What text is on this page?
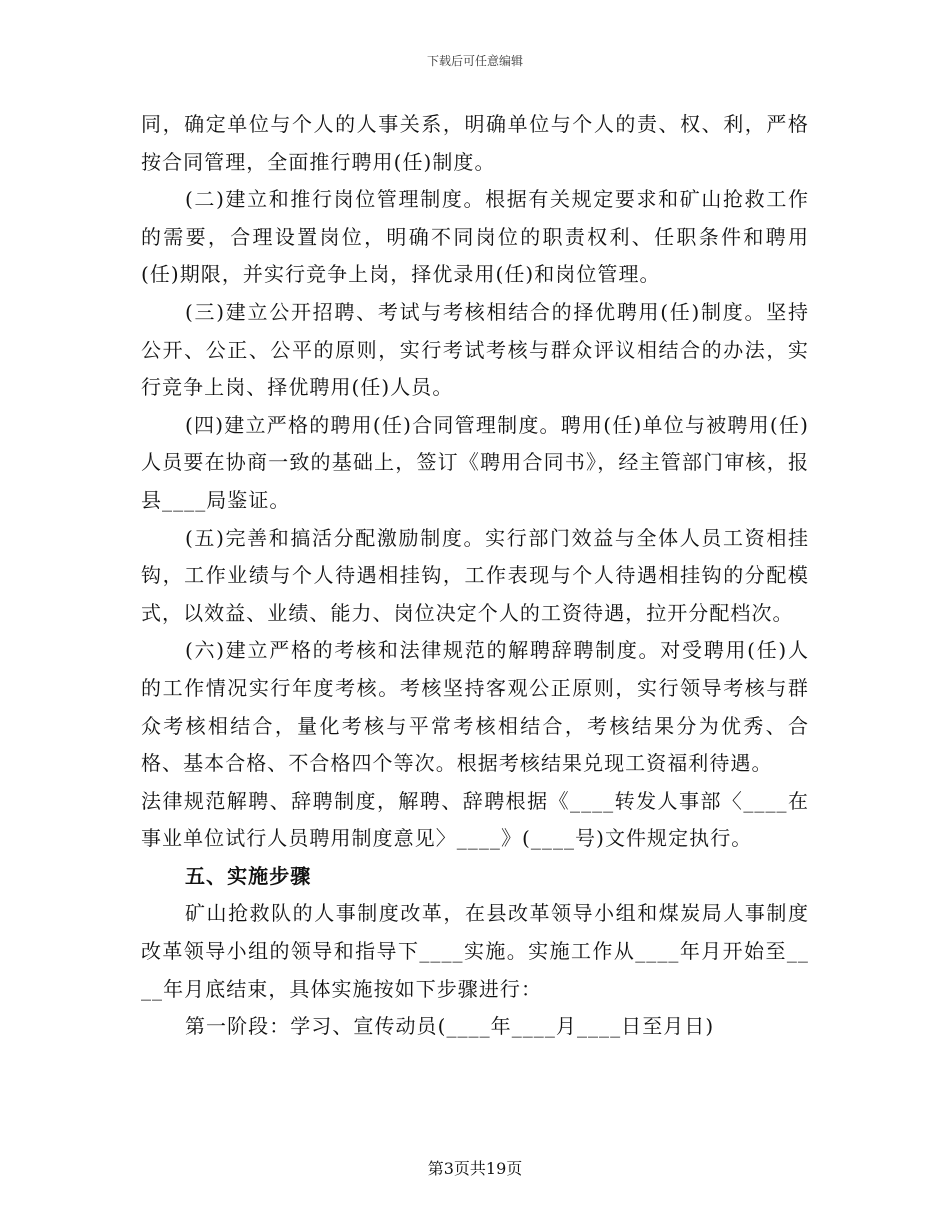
下载后可任意编辑

同，确定单位与个人的人事关系，明确单位与个人的责、权、利，严格按合同管理，全面推行聘用(任)制度。

(二)建立和推行岗位管理制度。根据有关规定要求和矿山抢救工作的需要，合理设置岗位，明确不同岗位的职责权利、任职条件和聘用(任)期限，并实行竞争上岗，择优录用(任)和岗位管理。

(三)建立公开招聘、考试与考核相结合的择优聘用(任)制度。坚持公开、公正、公平的原则，实行考试考核与群众评议相结合的办法，实行竞争上岗、择优聘用(任)人员。

(四)建立严格的聘用(任)合同管理制度。聘用(任)单位与被聘用(任)人员要在协商一致的基础上，签订《聘用合同书》，经主管部门审核，报县____局鉴证。

(五)完善和搞活分配激励制度。实行部门效益与全体人员工资相挂钩，工作业绩与个人待遇相挂钩，工作表现与个人待遇相挂钩的分配模式，以效益、业绩、能力、岗位决定个人的工资待遇，拉开分配档次。

(六)建立严格的考核和法律规范的解聘辞聘制度。对受聘用(任)人的工作情况实行年度考核。考核坚持客观公正原则，实行领导考核与群众考核相结合，量化考核与平常考核相结合，考核结果分为优秀、合格、基本合格、不合格四个等次。根据考核结果兑现工资福利待遇。

法律规范解聘、辞聘制度，解聘、辞聘根据《____转发人事部〈____在事业单位试行人员聘用制度意见〉____》(____号)文件规定执行。

五、实施步骤

矿山抢救队的人事制度改革，在县改革领导小组和煤炭局人事制度改革领导小组的领导和指导下____实施。实施工作从____年月开始至____年月底结束，具体实施按如下步骤进行：

第一阶段：学习、宣传动员(____年____月____日至月日)

第3页共19页
